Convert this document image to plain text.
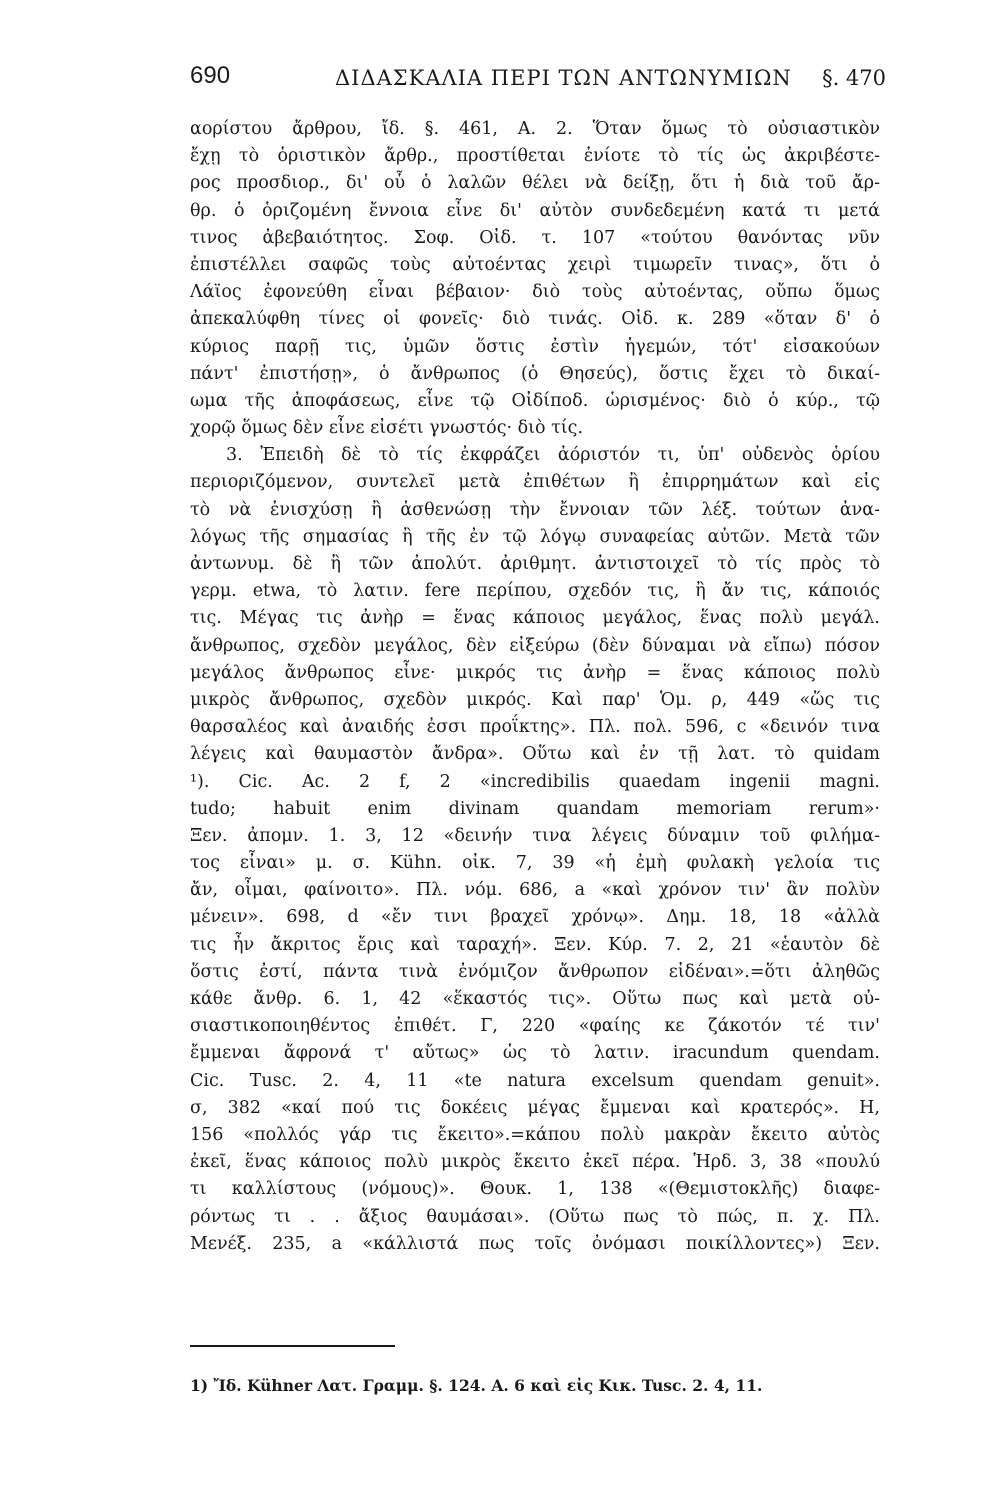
690	ΔΙΔΑΣΚΑΛΙΑ ΠΕΡΙ ΤΩΝ ΑΝΤΩΝΥΜΙΩΝ §. 470
αορίστου ἄρθρου, ἴδ. §. 461, Α. 2. Ὅταν ὅμως τὸ οὐσιαστικὸν
ἔχῃ τὸ ὁριστικὸν ἄρθρ., προστίθεται ἐνίοτε τὸ τίς ὡς ἀκριβέστε-
ρος προσδιορ., δι' οὗ ὁ λαλῶν θέλει νὰ δείξῃ, ὅτι ἡ διὰ τοῦ ἄρ-
θρ. ὁ ὁριζομένη ἔννοια εἶνε δι' αὐτὸν συνδεδεμένη κατά τι μετά
τινος ἀβεβαιότητος. Σοφ. Οἰδ. τ. 107 «τούτου θανόντας νῦν
ἐπιστέλλει σαφῶς τοὺς αὐτοέντας χειρὶ τιμωρεῖν τινας», ὅτι ὁ
Λάϊος ἐφονεύθη εἶναι βέβαιον· διὸ τοὺς αὐτοέντας, οὔπω ὅμως
ἀπεκαλύφθη τίνες οἱ φονεῖς· διὸ τινάς. Οἰδ. κ. 289 «ὅταν δ' ὁ
κύριος παρῇ τις, ὑμῶν ὅστις ἐστὶν ἡγεμών, τότ' εἰσακούων
πάντ' ἐπιστήσῃ», ὁ ἄνθρωπος (ὁ Θησεύς), ὅστις ἔχει τὸ δικαί-
ωμα τῆς ἀποφάσεως, εἶνε τῷ Οἰδίποδ. ὡρισμένος· διὸ ὁ κύρ., τῷ
χορῷ ὅμως δὲν εἶνε εἰσέτι γνωστός· διὸ τίς.
3. Ἐπειδὴ δὲ τὸ τίς ἐκφράζει ἀόριστόν τι, ὑπ' οὐδενὸς ὁρίου
περιοριζόμενον, συντελεῖ μετὰ ἐπιθέτων ἢ ἐπιρρημάτων καὶ εἰς
τὸ νὰ ἐνισχύσῃ ἢ ἀσθενώσῃ τὴν ἔννοιαν τῶν λέξ. τούτων ἀνα-
λόγως τῆς σημασίας ἢ τῆς ἐν τῷ λόγῳ συναφείας αὐτῶν. Μετὰ τῶν
ἀντωνυμ. δὲ ἢ τῶν ἀπολύτ. ἀριθμητ. ἀντιστοιχεῖ τὸ τίς πρὸς τὸ
γερμ. etwa, τὸ λατιν. fere περίπου, σχεδόν τις, ἢ ἄν τις, κάποιός
τις. Μέγας τις ἀνὴρ = ἕνας κάποιος μεγάλος, ἕνας πολὺ μεγάλ.
ἄνθρωπος, σχεδὸν μεγάλος, δὲν εἰξεύρω (δὲν δύναμαι νὰ εἴπω) πόσον
μεγάλος ἄνθρωπος εἶνε· μικρός τις ἀνὴρ = ἕνας κάποιος πολὺ
μικρὸς ἄνθρωπος, σχεδὸν μικρός. Καὶ παρ' Ὁμ. ρ, 449 «ὥς τις
θαρσαλέος καὶ ἀναιδής ἐσσι προΐκτης». Πλ. πολ. 596, c «δεινόν τινα
λέγεις καὶ θαυμαστὸν ἄνδρα». Οὕτω καὶ ἐν τῇ λατ. τὸ quidam
¹). Cic. Ac. 2 f, 2 «incredibilis quaedam ingenii magni.
tudo; habuit enim divinam quandam memoriam rerum»·
Ξεν. ἀπομν. 1. 3, 12 «δεινήν τινα λέγεις δύναμιν τοῦ φιλήμα-
τος εἶναι» μ. σ. Kühn. οἰκ. 7, 39 «ἡ ἐμὴ φυλακὴ γελοία τις
ἄν, οἶμαι, φαίνοιτο». Πλ. νόμ. 686, a «καὶ χρόνον τιν' ἂν πολὺν
μένειν». 698, d «ἔν τινι βραχεῖ χρόνῳ». Δημ. 18, 18 «ἀλλὰ
τις ἦν ἄκριτος ἔρις καὶ ταραχή». Ξεν. Κύρ. 7. 2, 21 «ἑαυτὸν δὲ
ὅστις ἐστί, πάντα τινὰ ἐνόμιζον ἄνθρωπον εἰδέναι».=ὅτι ἀληθῶς
κάθε ἄνθρ. 6. 1, 42 «ἕκαστός τις». Οὕτω πως καὶ μετὰ οὐ-
σιαστικοποιηθέντος ἐπιθέτ. Γ, 220 «φαίης κε ζάκοτόν τέ τιν'
ἔμμεναι ἄφρονά τ' αὔτως» ὡς τὸ λατιν. iracundum quendam.
Cic. Tusc. 2. 4, 11 «te natura excelsum quendam genuit».
σ, 382 «καί πού τις δοκέεις μέγας ἔμμεναι καὶ κρατερός». Η,
156 «πολλός γάρ τις ἔκειτο».=κάπου πολὺ μακρὰν ἔκειτο αὐτὸς
ἐκεῖ, ἕνας κάποιος πολὺ μικρὸς ἔκειτο ἐκεῖ πέρα. Ἡρδ. 3, 38 «πουλύ
τι καλλίστους (νόμους)». Θουκ. 1, 138 «(Θεμιστοκλῆς) διαφε-
ρόντως τι . . ἄξιος θαυμάσαι». (Οὕτω πως τὸ πώς, π. χ. Πλ.
Μενέξ. 235, a «κάλλιστά πως τοῖς ὀνόμασι ποικίλλοντες») Ξεν.
1) Ἴδ. Kühner Λατ. Γραμμ. §. 124. Α. 6 καὶ εἰς Κικ. Tusc. 2. 4, 11.
